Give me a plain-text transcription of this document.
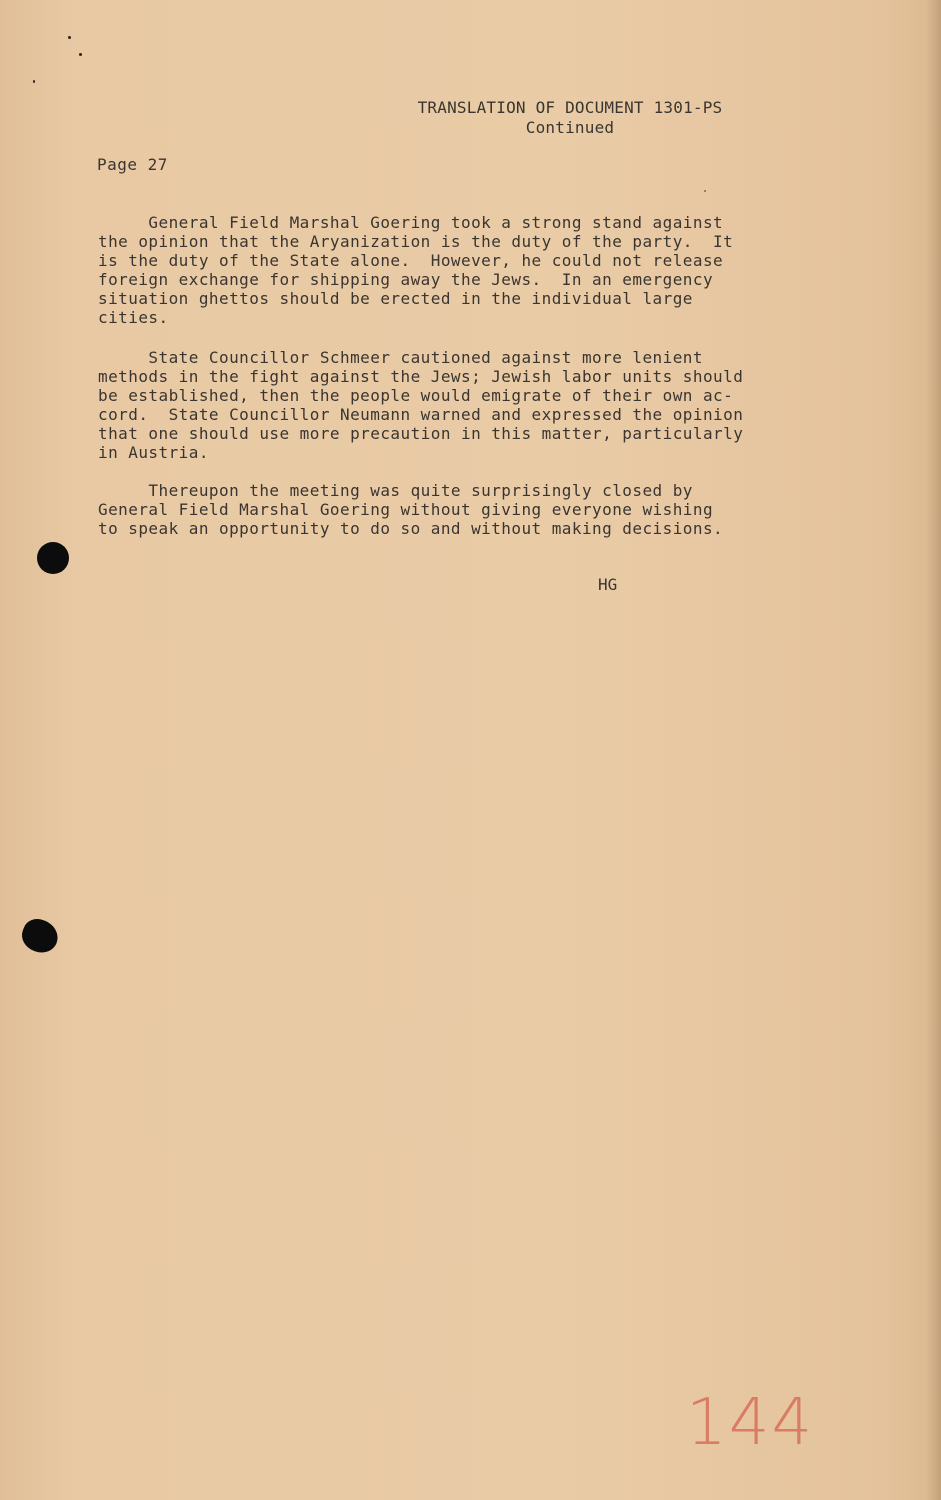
TRANSLATION OF DOCUMENT 1301-PS
Continued
Page 27
General Field Marshal Goering took a strong stand against
the opinion that the Aryanization is the duty of the party.  It
is the duty of the State alone.  However, he could not release
foreign exchange for shipping away the Jews.  In an emergency
situation ghettos should be erected in the individual large
cities.
State Councillor Schmeer cautioned against more lenient
methods in the fight against the Jews; Jewish labor units should
be established, then the people would emigrate of their own ac-
cord.  State Councillor Neumann warned and expressed the opinion
that one should use more precaution in this matter, particularly
in Austria.
Thereupon the meeting was quite surprisingly closed by
General Field Marshal Goering without giving everyone wishing
to speak an opportunity to do so and without making decisions.
HG
144
